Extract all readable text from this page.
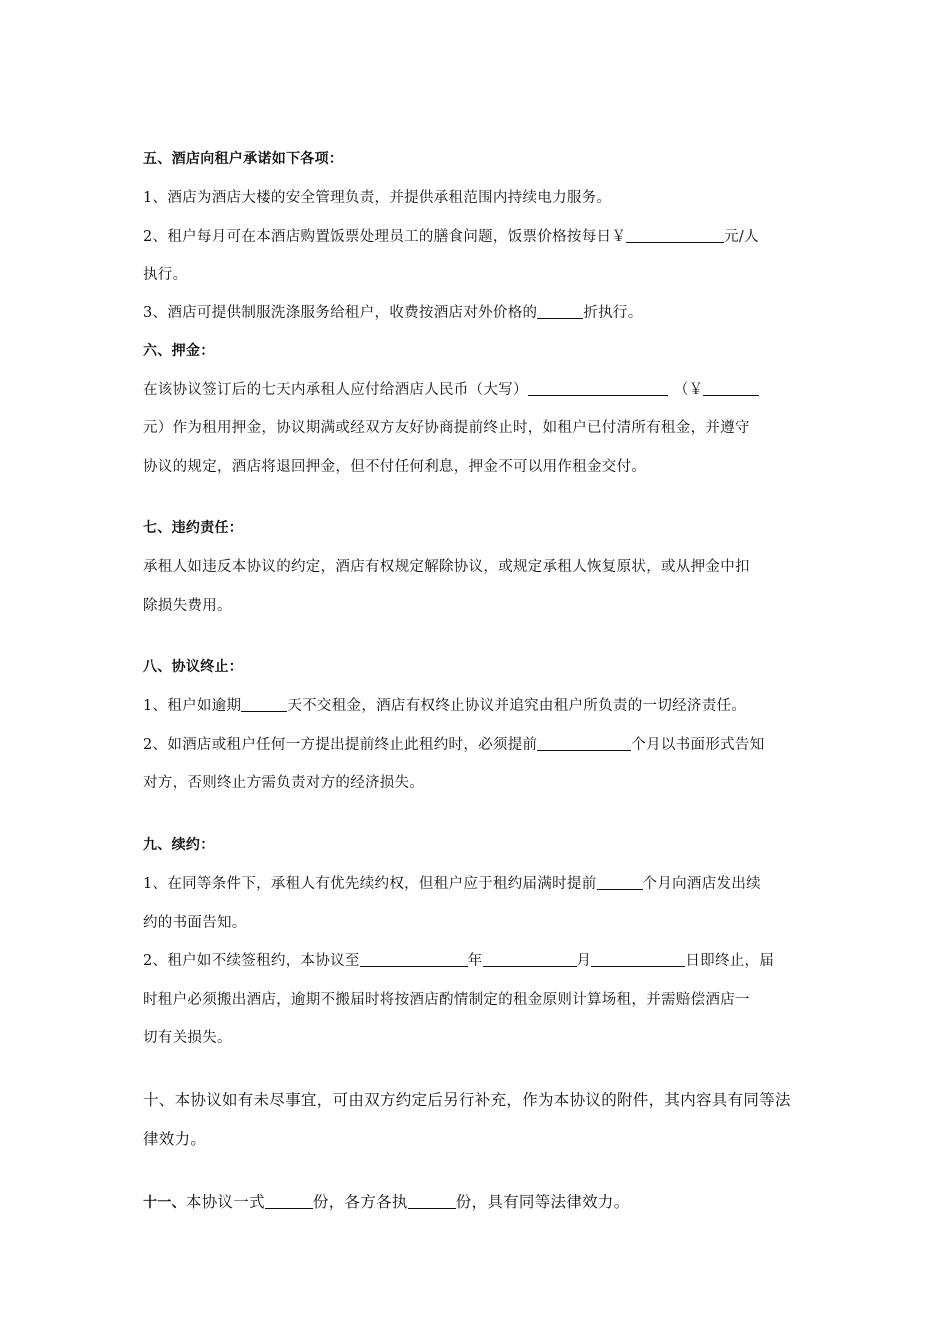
五、酒店向租户承诺如下各项：
1、酒店为酒店大楼的安全管理负责，并提供承租范围内持续电力服务。
2、租户每月可在本酒店购置饭票处理员工的膳食问题，饭票价格按每日￥	元/人
执行。
3、酒店可提供制服洗涤服务给租户，收费按酒店对外价格的	折执行。
六、押金：
在该协议签订后的七天内承租人应付给酒店人民币（大写）	（￥
元）作为租用押金，协议期满或经双方友好协商提前终止时，如租户已付清所有租金，并遵守
协议的规定，酒店将退回押金，但不付任何利息，押金不可以用作租金交付。
七、违约责任：
承租人如违反本协议的约定，酒店有权规定解除协议，或规定承租人恢复原状，或从押金中扣
除损失费用。
八、协议终止：
1、租户如逾期	天不交租金，酒店有权终止协议并追究由租户所负责的一切经济责任。
2、如酒店或租户任何一方提出提前终止此租约时，必须提前	个月以书面形式告知
对方，否则终止方需负责对方的经济损失。
九、续约：
1、在同等条件下，承租人有优先续约权，但租户应于租约届满时提前	个月向酒店发出续
约的书面告知。
2、租户如不续签租约，本协议至	年	月	日即终止，届
时租户必须搬出酒店，逾期不搬届时将按酒店酌情制定的租金原则计算场租，并需赔偿酒店一
切有关损失。
十、本协议如有未尽事宜，可由双方约定后另行补充，作为本协议的附件，其内容具有同等法
律效力。
十一、本协议一式	份，各方各执	份，具有同等法律效力。
